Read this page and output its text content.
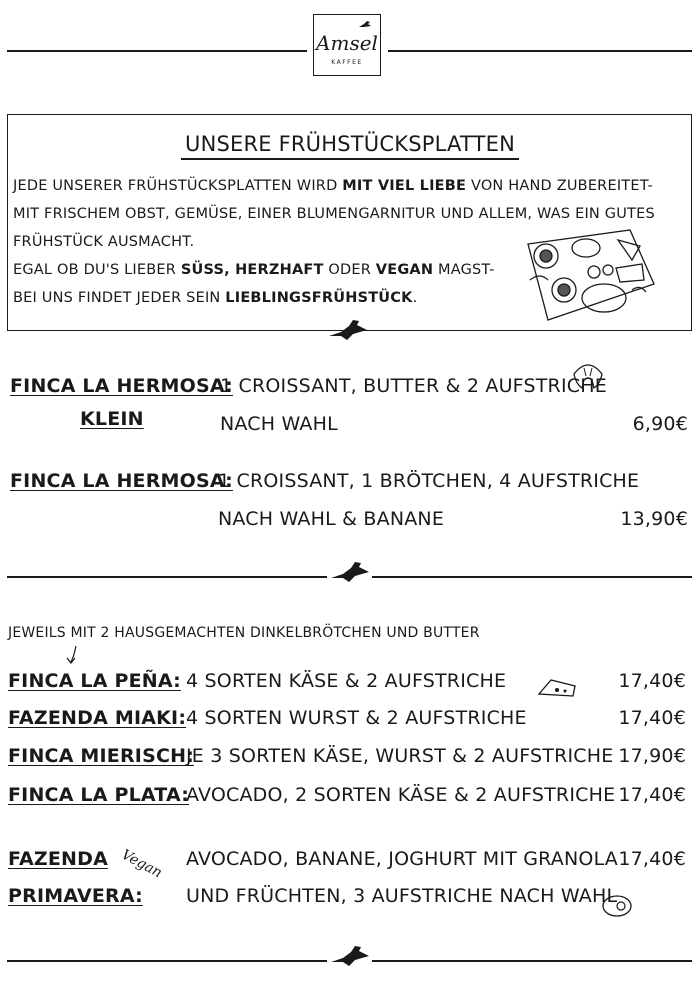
Amsel
KAFFEE
UNSERE FRÜHSTÜCKSPLATTEN
JEDE UNSERER FRÜHSTÜCKSPLATTEN WIRD MIT VIEL LIEBE VON HAND ZUBEREITET-
MIT FRISCHEM OBST, GEMÜSE, EINER BLUMENGARNITUR UND ALLEM, WAS EIN GUTES
FRÜHSTÜCK AUSMACHT.
EGAL OB DU'S LIEBER SÜSS, HERZHAFT ODER VEGAN MAGST-
BEI UNS FINDET JEDER SEIN LIEBLINGSFRÜHSTÜCK.
FINCA LA HERMOSA:
KLEIN
1 CROISSANT, BUTTER & 2 AUFSTRICHE
NACH WAHL	6,90€
FINCA LA HERMOSA:
1 CROISSANT, 1 BRÖTCHEN, 4 AUFSTRICHE
NACH WAHL & BANANE	13,90€
JEWEILS MIT 2 HAUSGEMACHTEN DINKELBRÖTCHEN UND BUTTER
FINCA LA PEÑA: 4 SORTEN KÄSE & 2 AUFSTRICHE	17,40€
FAZENDA MIAKI: 4 SORTEN WURST & 2 AUFSTRICHE	17,40€
FINCA MIERISCH:
JE 3 SORTEN KÄSE, WURST & 2 AUFSTRICHE 17,90€
FINCA LA PLATA:
AVOCADO, 2 SORTEN KÄSE & 2 AUFSTRICHE 17,40€
FAZENDA
PRIMAVERA:
Vegan AVOCADO, BANANE, JOGHURT MIT GRANOLA
UND FRÜCHTEN, 3 AUFSTRICHE NACH WAHL
17,40€
